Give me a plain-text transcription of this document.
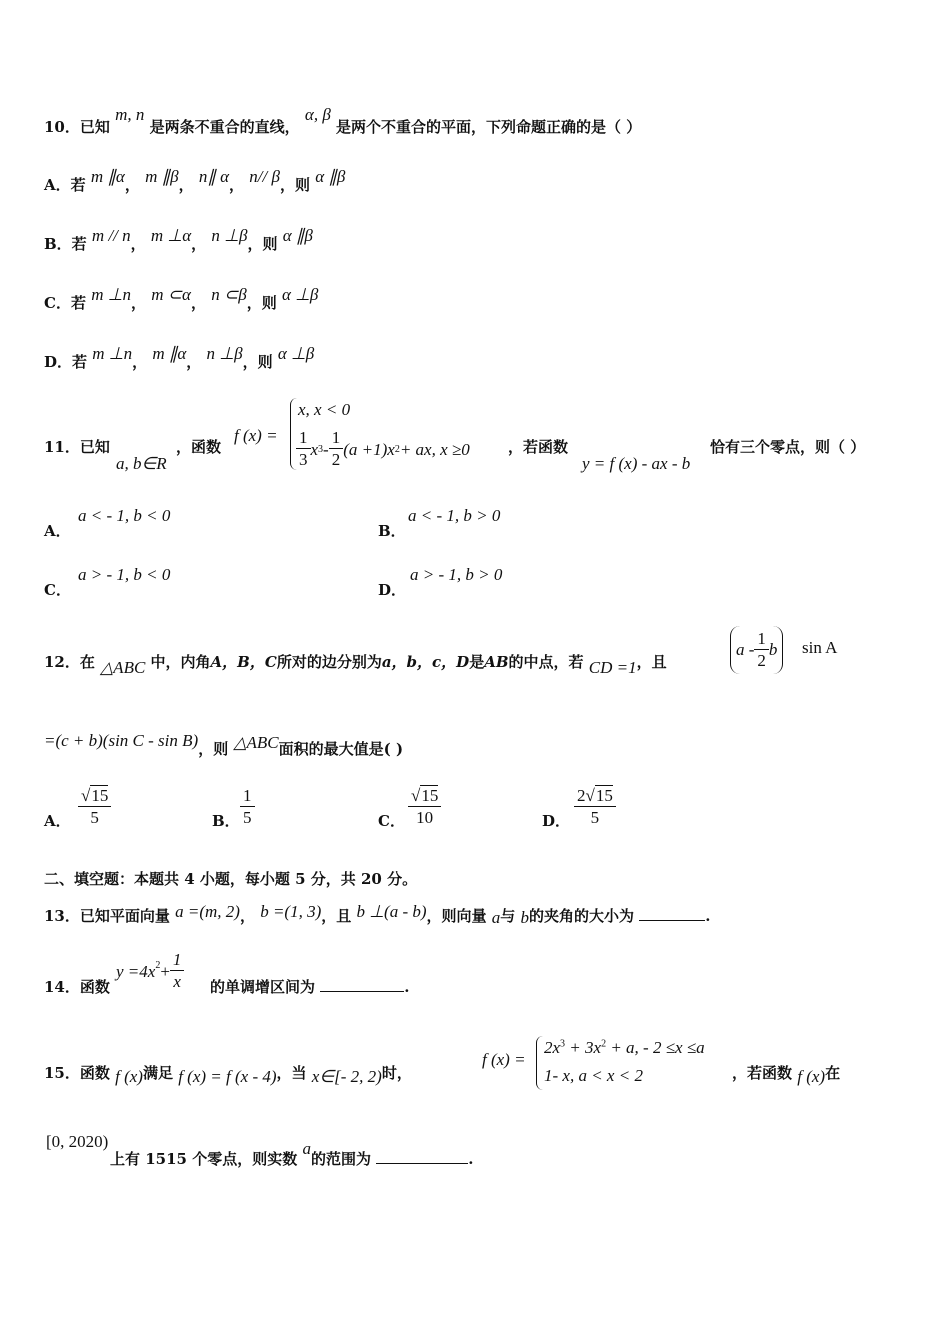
10．已知 m, n 是两条不重合的直线， α, β 是两个不重合的平面，下列命题正确的是（ ）
A．若 m ∥α， m ∥β， n∥ α， n// β，则 α ∥β
B．若 m // n， m ⊥α， n ⊥β，则 α ∥β
C．若 m ⊥n， m ⊂α， n ⊂β，则 α ⊥β
D．若 m ⊥n， m ∥α， n ⊥β，则 α ⊥β
11．已知
a, b∈R
，函数
f (x) =
x, x < 0
$\frac{1}{3}$ x $3 - \frac{1}{2} (a +1)x$ 2 + ax, x ≥0	，若函数
y = f (x) - ax - b
恰有三个零点，则（ ）
A．
a < - 1, b < 0
B．
a < - 1, b > 0
C．
a > - 1, b < 0
D．
a > - 1, b > 0
12．在 △ABC 中，内角A，B，C所对的边分别为a，b，c，D是AB的中点，若 CD =1，且
a - $\frac{1}{2}$ b sin A
=(c + b)(sin C - sin B)，则 △ABC面积的最大值是( )
A． $\frac{√15}{5}$	B． $\frac{1}{5}$	C． $\frac{√15}{10}$	D． $\frac{2√15}{5}$
二、填空题：本题共 4 小题，每小题 5 分，共 20 分。
13．已知平面向量 a =(m, 2)， b =(1, 3)，且 b ⊥(a - b)，则向量 a与 b的夹角的大小为	.
14．函数
$y =4x^2 + \frac{1}{x}$ 的单调增区间为	.
15．函数 f (x)满足 f (x) = f (x - 4)，当 x∈[- 2, 2)时，
f (x) =
$2x^3 + 3x^2 + a$, - 2 ≤x ≤a
1- x, a < x < 2	，若函数 f (x)在
[0, 2020)
上有 1515 个零点，则实数 a的范围为	.
